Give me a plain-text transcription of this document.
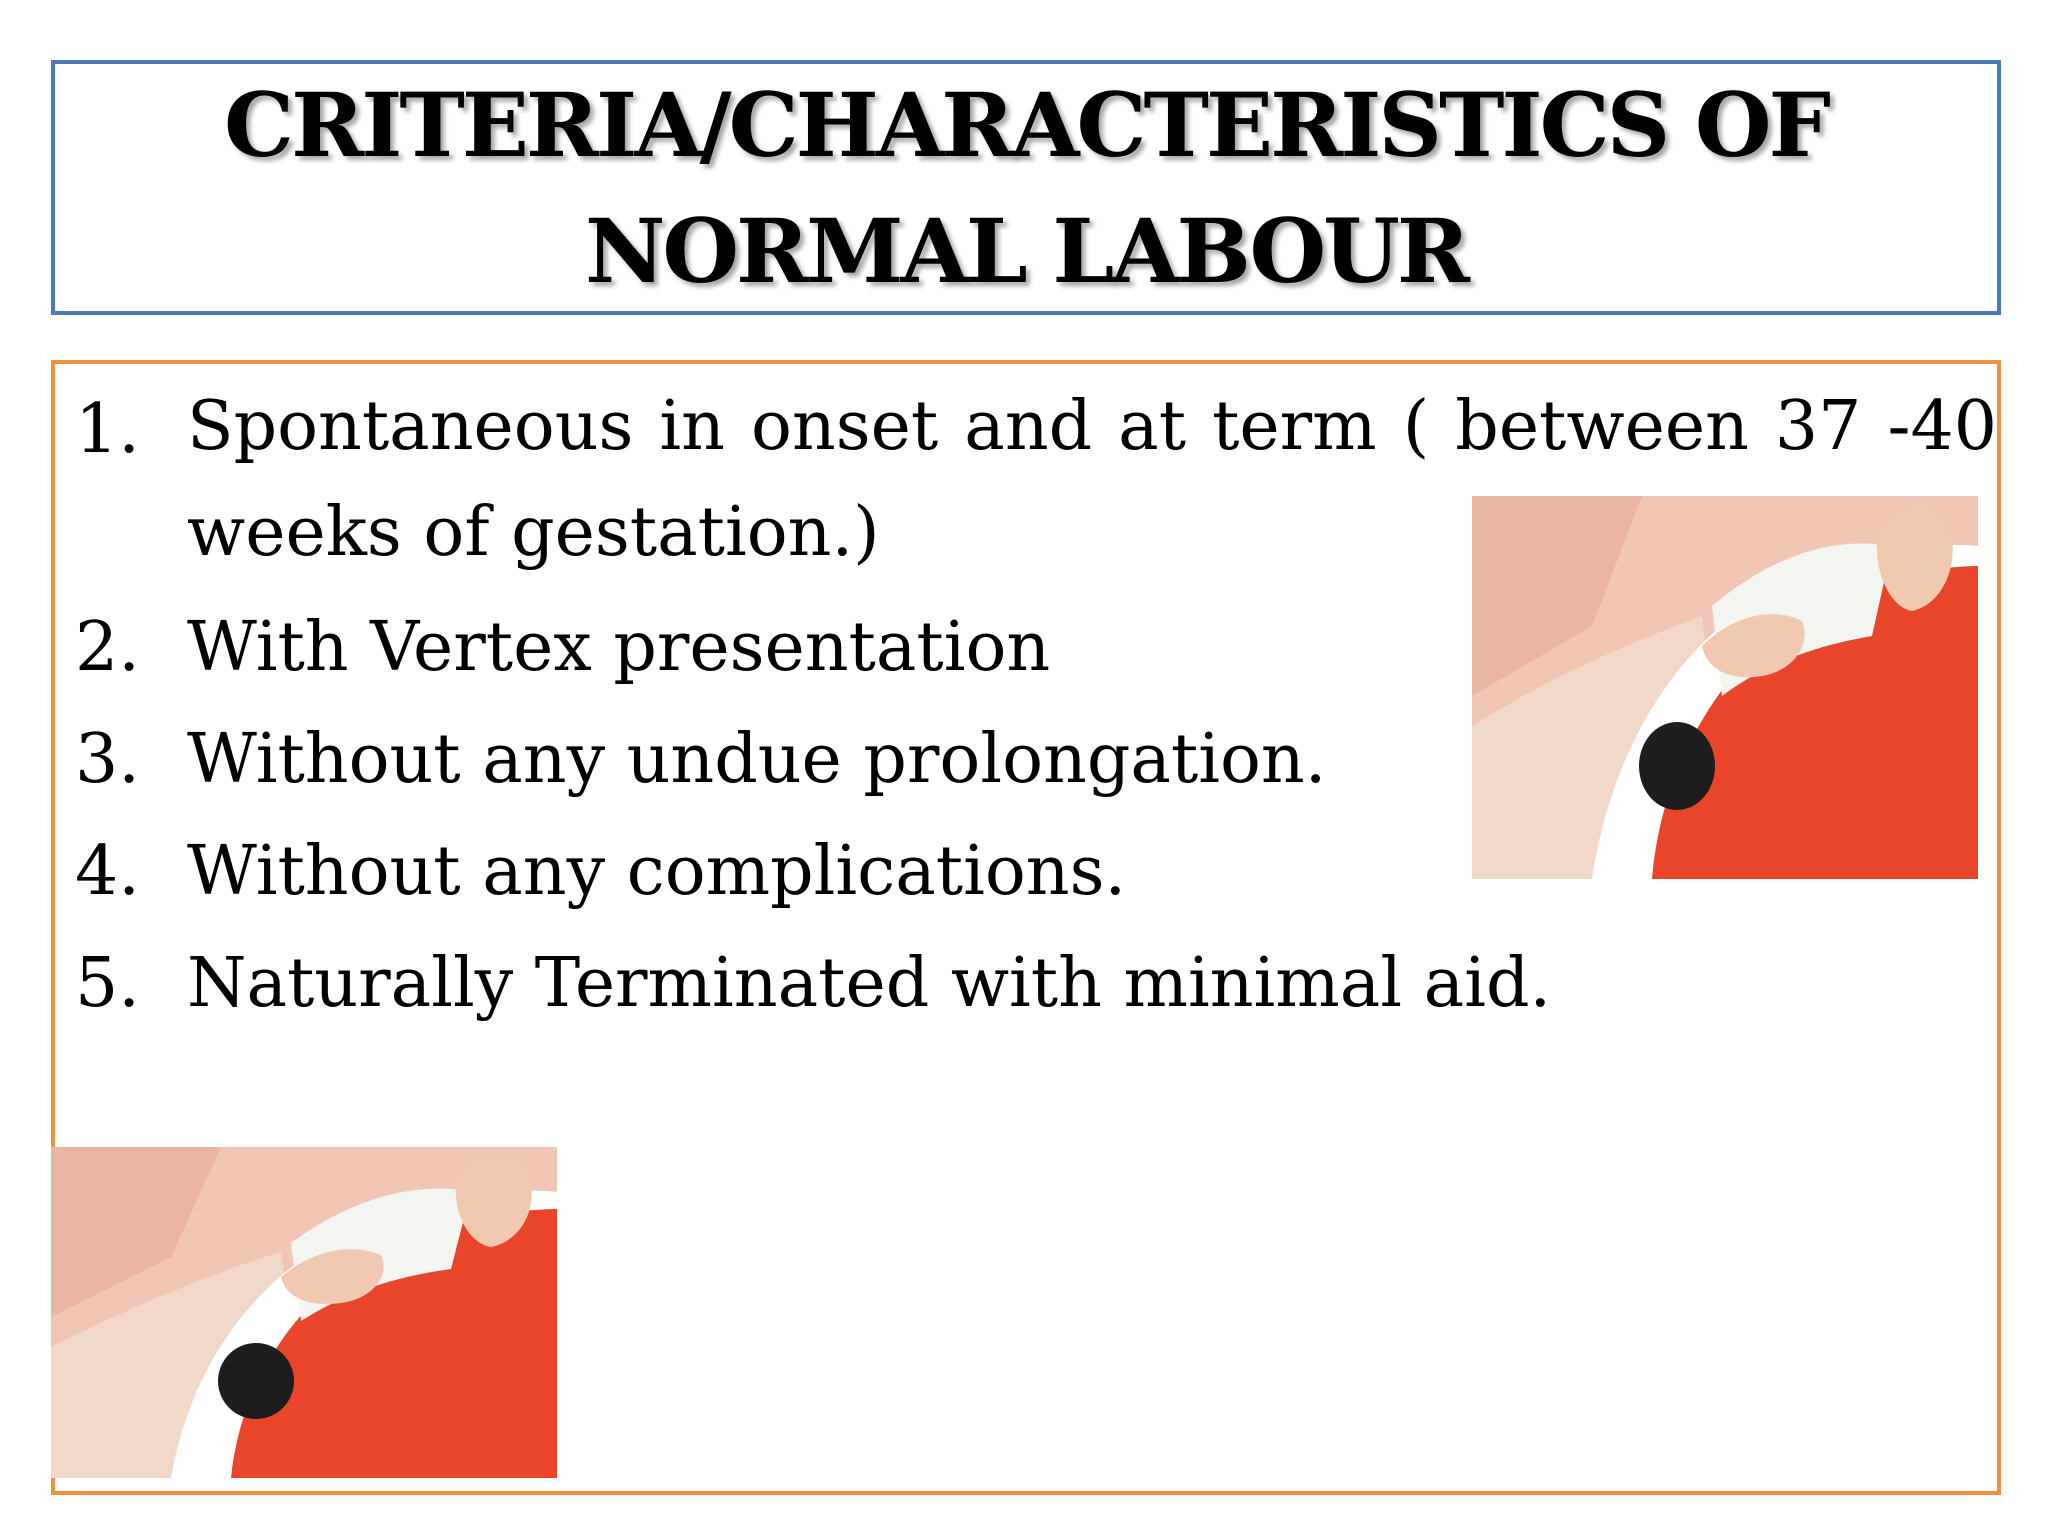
CRITERIA/CHARACTERISTICS OF
NORMAL LABOUR
1. Spontaneous in onset and at term ( between 37 -40 weeks of gestation.)
2. With Vertex presentation
3. Without any undue prolongation.
4. Without any complications.
5. Naturally Terminated with minimal aid.
